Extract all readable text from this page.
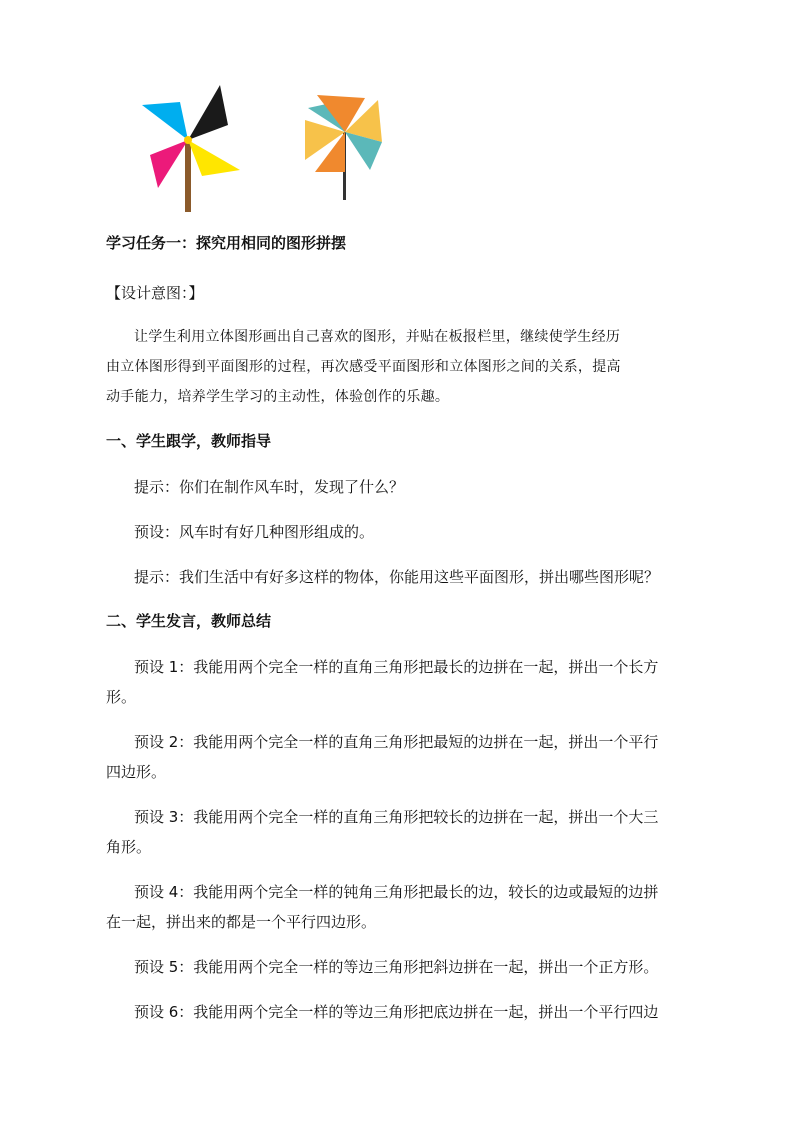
学习任务一：探究用相同的图形拼摆
【设计意图：】
让学生利用立体图形画出自己喜欢的图形，并贴在板报栏里，继续使学生经历
由立体图形得到平面图形的过程，再次感受平面图形和立体图形之间的关系，提高
动手能力，培养学生学习的主动性，体验创作的乐趣。
一、学生跟学，教师指导
提示：你们在制作风车时，发现了什么？
预设：风车时有好几种图形组成的。
提示：我们生活中有好多这样的物体，你能用这些平面图形，拼出哪些图形呢？
二、学生发言，教师总结
预设 1：我能用两个完全一样的直角三角形把最长的边拼在一起，拼出一个长方
形。
预设 2：我能用两个完全一样的直角三角形把最短的边拼在一起，拼出一个平行
四边形。
预设 3：我能用两个完全一样的直角三角形把较长的边拼在一起，拼出一个大三
角形。
预设 4：我能用两个完全一样的钝角三角形把最长的边，较长的边或最短的边拼
在一起，拼出来的都是一个平行四边形。
预设 5：我能用两个完全一样的等边三角形把斜边拼在一起，拼出一个正方形。
预设 6：我能用两个完全一样的等边三角形把底边拼在一起，拼出一个平行四边
